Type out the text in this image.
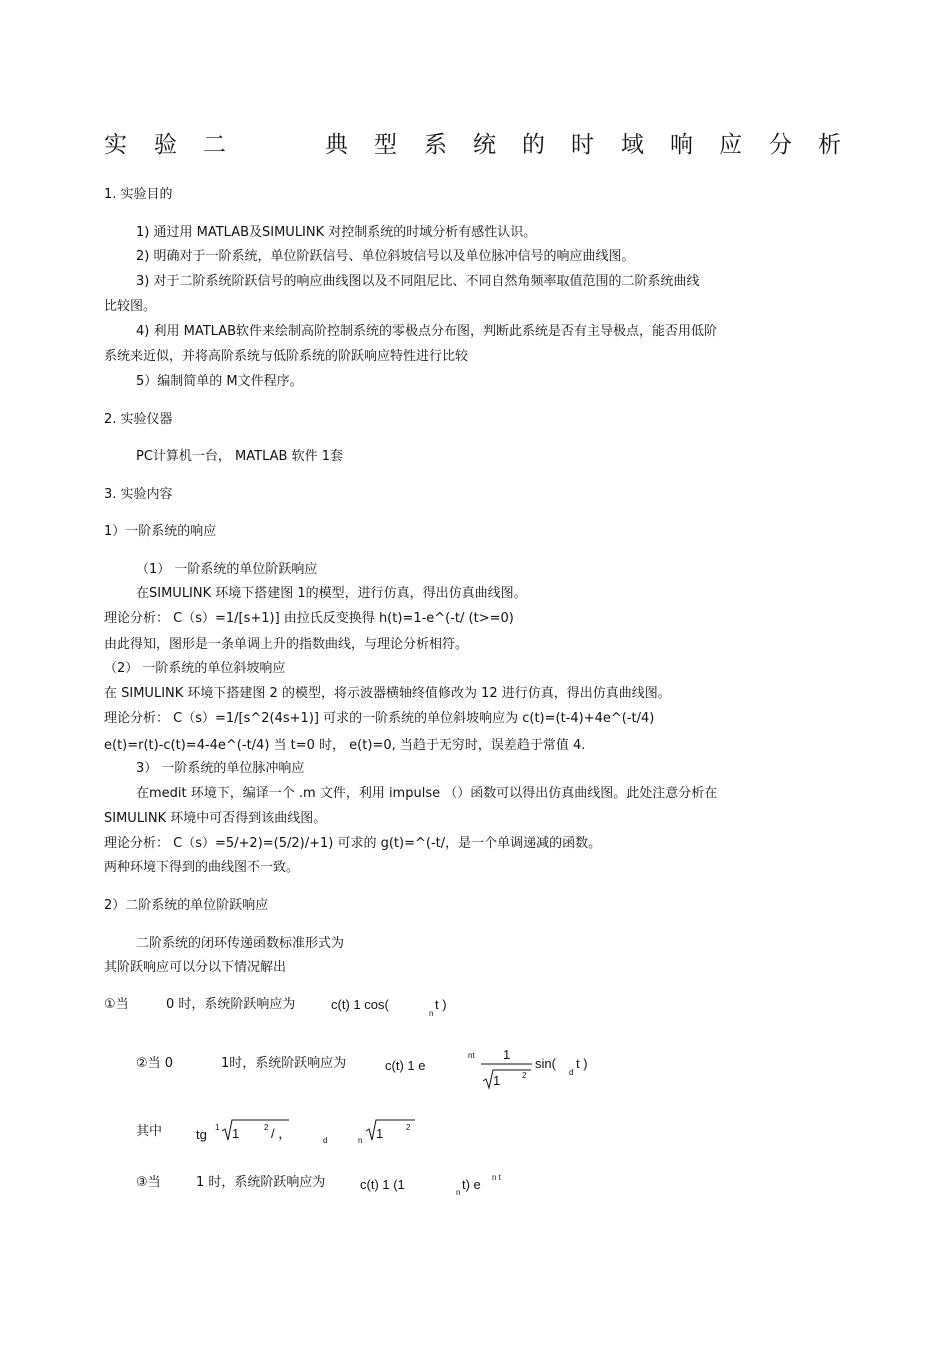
实 验 二	典 型 系 统 的 时 域 响 应 分 析
1. 实验目的
1) 通过用 MATLAB及SIMULINK 对控制系统的时域分析有感性认识。
2) 明确对于一阶系统，单位阶跃信号、单位斜坡信号以及单位脉冲信号的响应曲线图。
3) 对于二阶系统阶跃信号的响应曲线图以及不同阻尼比、不同自然角频率取值范围的二阶系统曲线
比较图。
4) 利用 MATLAB软件来绘制高阶控制系统的零极点分布图，判断此系统是否有主导极点，能否用低阶
系统来近似，并将高阶系统与低阶系统的阶跃响应特性进行比较
5）编制简单的 M文件程序。
2. 实验仪器
PC计算机一台， MATLAB 软件 1套
3. 实验内容
1）一阶系统的响应
（1） 一阶系统的单位阶跃响应
在SIMULINK 环境下搭建图 1的模型，进行仿真，得出仿真曲线图。
理论分析： C（s）=1/[s+1)] 由拉氏反变换得 h(t)=1-e^(-t/ (t>=0)
由此得知，图形是一条单调上升的指数曲线，与理论分析相符。
（2） 一阶系统的单位斜坡响应
在 SIMULINK 环境下搭建图 2 的模型，将示波器横轴终值修改为 12 进行仿真，得出仿真曲线图。
理论分析： C（s）=1/[s^2(4s+1)] 可求的一阶系统的单位斜坡响应为 c(t)=(t-4)+4e^(-t/4)
e(t)=r(t)-c(t)=4-4e^(-t/4) 当 t=0 时， e(t)=0, 当趋于无穷时，误差趋于常值 4.
3） 一阶系统的单位脉冲响应
在medit 环境下，编译一个 .m 文件，利用 impulse （）函数可以得出仿真曲线图。此处注意分析在
SIMULINK 环境中可否得到该曲线图。
理论分析： C（s）=5/+2)=(5/2)/+1) 可求的 g(t)=^(-t/，是一个单调递减的函数。
两种环境下得到的曲线图不一致。
2）二阶系统的单位阶跃响应
二阶系统的闭环传递函数标准形式为
其阶跃响应可以分以下情况解出
①当	0 时，系统阶跃响应为	c(t) 1 cos(
n
t )
②当 0	1时，系统阶跃响应为	c(t) 1 e
nt 1
1	2
sin(
d
t )
其中	tg 1 1	2 / ，	d	n 1	2
③当	1 时，系统阶跃响应为	c(t) 1 (1
n
t) e n t
